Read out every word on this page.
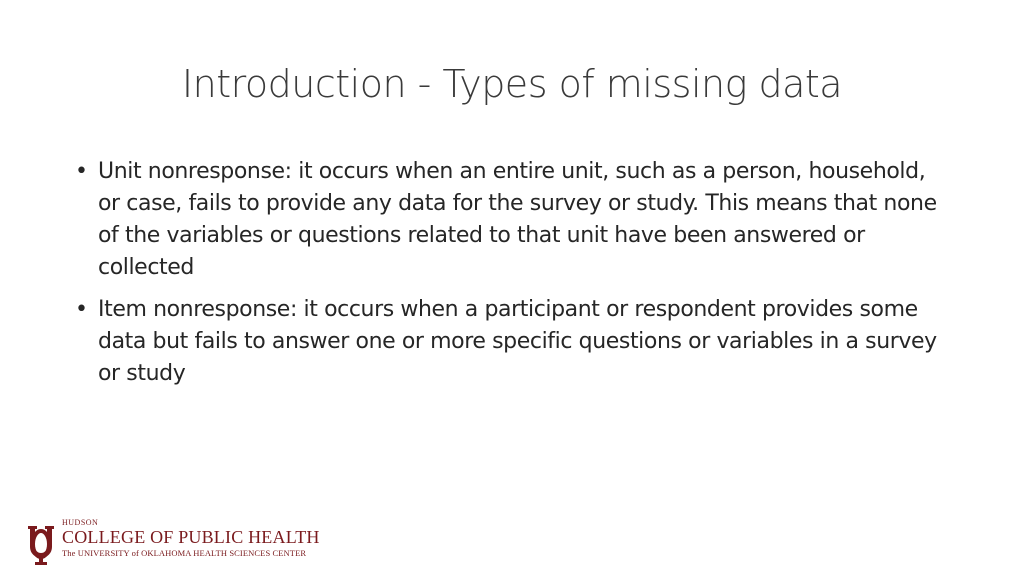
Introduction - Types of missing data
• Unit nonresponse: it occurs when an entire unit, such as a person, household, or case, fails to provide any data for the survey or study. This means that none of the variables or questions related to that unit have been answered or collected
• Item nonresponse: it occurs when a participant or respondent provides some data but fails to answer one or more specific questions or variables in a survey or study
HUDSON
COLLEGE OF PUBLIC HEALTH
The UNIVERSITY of OKLAHOMA HEALTH SCIENCES CENTER
